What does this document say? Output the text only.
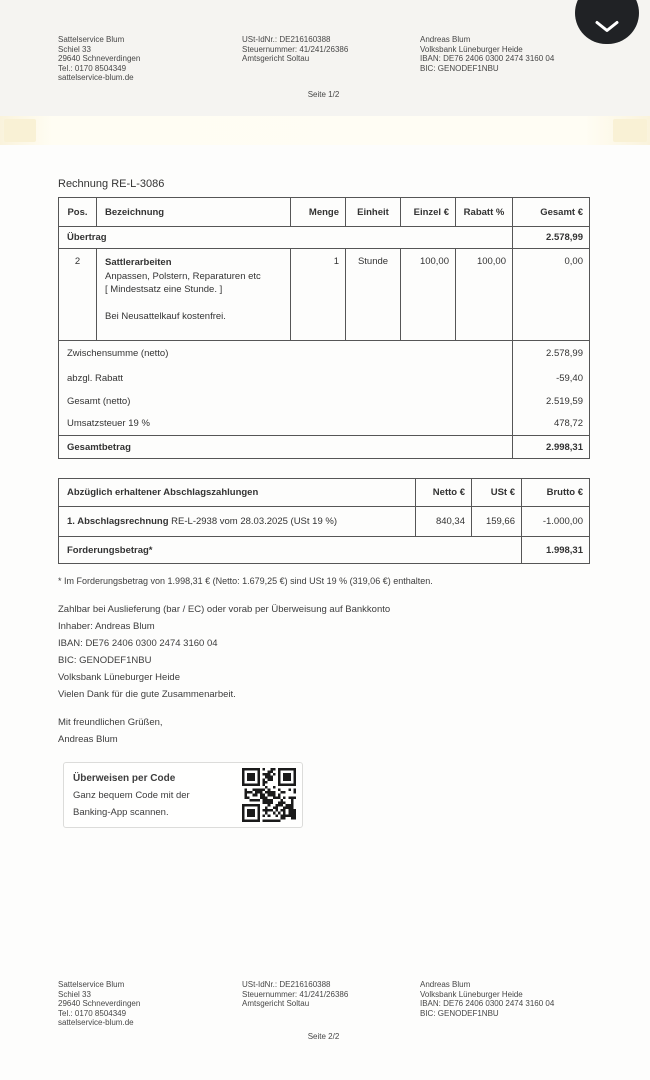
Sattelservice Blum
Schiel 33
29640 Schneverdingen
Tel.: 0170 8504349
sattelservice-blum.de
USt-IdNr.: DE216160388
Steuernummer: 41/241/26386
Amtsgericht Soltau
Andreas Blum
Volksbank Lüneburger Heide
IBAN: DE76 2406 0300 2474 3160 04
BIC: GENODEF1NBU
Seite 1/2
Rechnung RE-L-3086
Pos.	Bezeichnung	Menge	Einheit	Einzel €	Rabatt %	Gesamt €
Übertrag						2.578,99
2	Sattlerarbeiten
Anpassen, Polstern, Reparaturen etc
[ Mindestsatz eine Stunde. ]
Bei Neusattelkauf kostenfrei.	1	Stunde	100,00	100,00	0,00
Zwischensumme (netto)						2.578,99
abzgl. Rabatt						-59,40
Gesamt (netto)						2.519,59
Umsatzsteuer 19 %						478,72
Gesamtbetrag						2.998,31
Abzüglich erhaltener Abschlagszahlungen	Netto €	USt €	Brutto €
1. Abschlagsrechnung RE-L-2938 vom 28.03.2025 (USt 19 %)	840,34	159,66	-1.000,00
Forderungsbetrag*			1.998,31
* Im Forderungsbetrag von 1.998,31 € (Netto: 1.679,25 €) sind USt 19 % (319,06 €) enthalten.
Zahlbar bei Auslieferung (bar / EC) oder vorab per Überweisung auf Bankkonto
Inhaber: Andreas Blum
IBAN: DE76 2406 0300 2474 3160 04
BIC: GENODEF1NBU
Volksbank Lüneburger Heide
Vielen Dank für die gute Zusammenarbeit.
Mit freundlichen Grüßen,
Andreas Blum
Überweisen per Code
Ganz bequem Code mit der
Banking-App scannen.
Sattelservice Blum
Schiel 33
29640 Schneverdingen
Tel.: 0170 8504349
sattelservice-blum.de
USt-IdNr.: DE216160388
Steuernummer: 41/241/26386
Amtsgericht Soltau
Andreas Blum
Volksbank Lüneburger Heide
IBAN: DE76 2406 0300 2474 3160 04
BIC: GENODEF1NBU
Seite 2/2
